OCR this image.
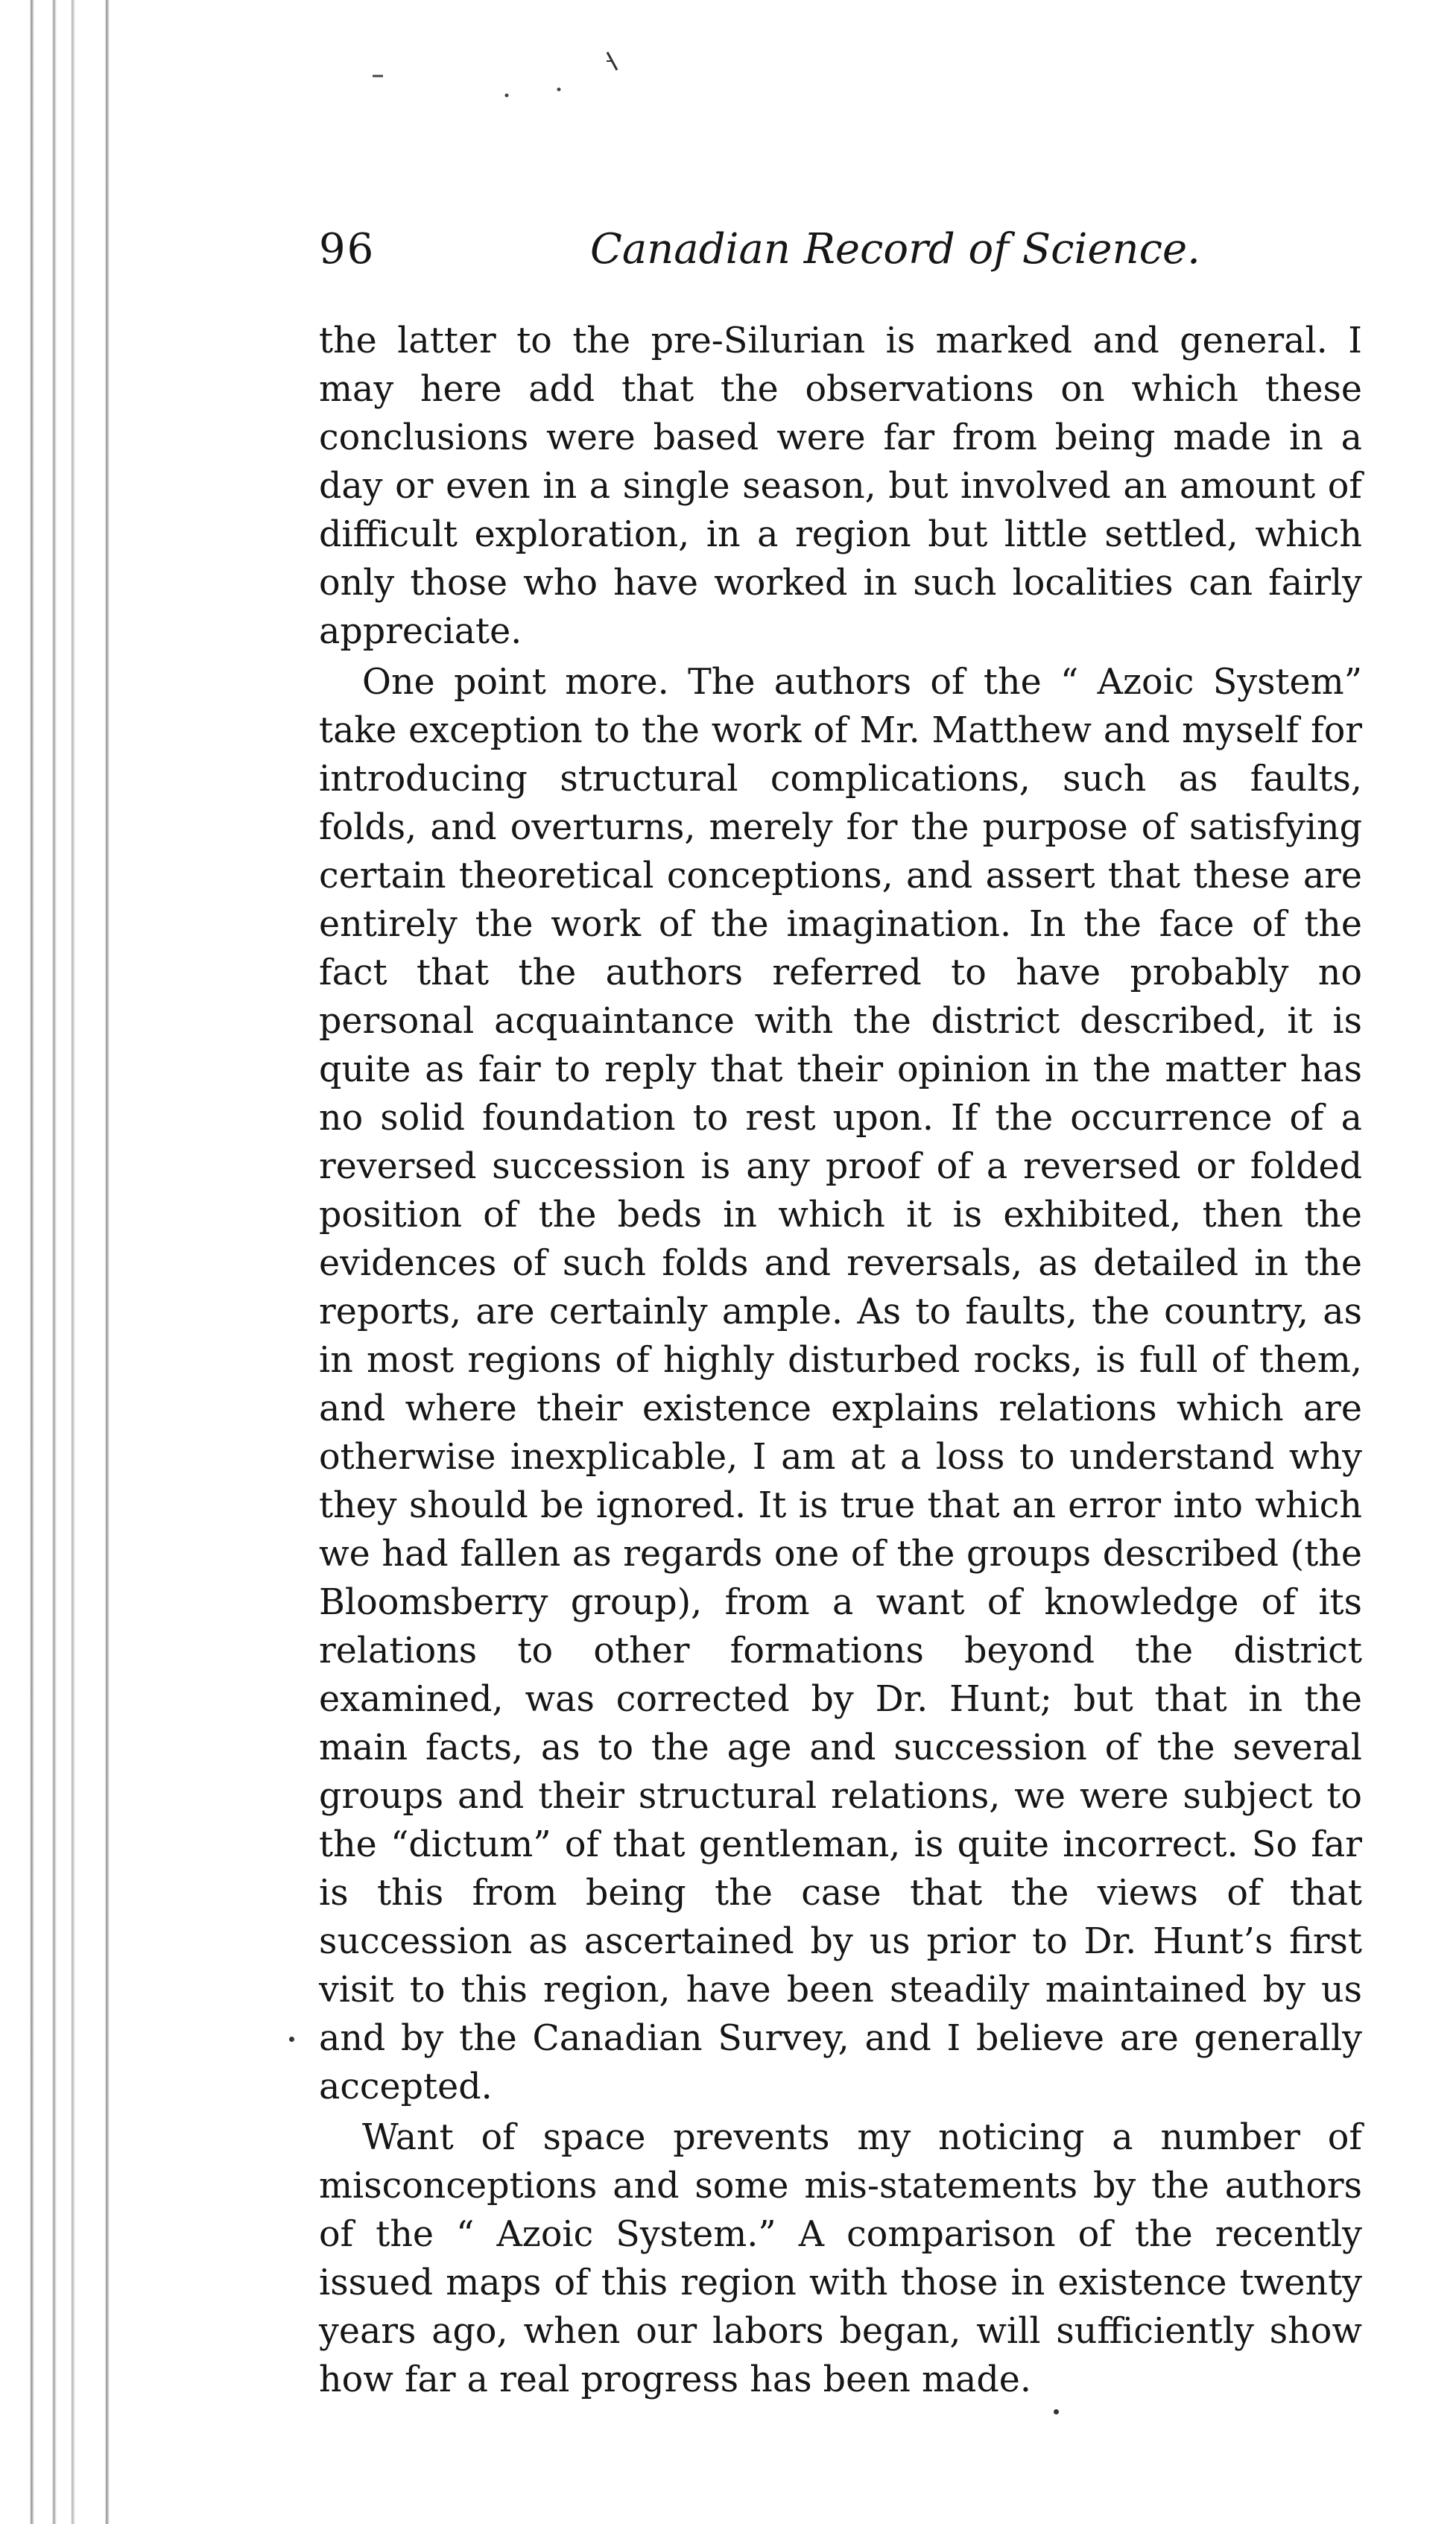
96	Canadian Record of Science.

the latter to the pre-Silurian is marked and general. I may here add that the observations on which these conclusions were based were far from being made in a day or even in a single season, but involved an amount of difficult exploration, in a region but little settled, which only those who have worked in such localities can fairly appreciate.

One point more. The authors of the “ Azoic System” take exception to the work of Mr. Matthew and myself for introducing structural complications, such as faults, folds, and overturns, merely for the purpose of satisfying certain theoretical conceptions, and assert that these are entirely the work of the imagination. In the face of the fact that the authors referred to have probably no personal acquaintance with the district described, it is quite as fair to reply that their opinion in the matter has no solid foundation to rest upon. If the occurrence of a reversed succession is any proof of a reversed or folded position of the beds in which it is exhibited, then the evidences of such folds and reversals, as detailed in the reports, are certainly ample. As to faults, the country, as in most regions of highly disturbed rocks, is full of them, and where their existence explains relations which are otherwise inexplicable, I am at a loss to understand why they should be ignored. It is true that an error into which we had fallen as regards one of the groups described (the Bloomsberry group), from a want of knowledge of its relations to other formations beyond the district examined, was corrected by Dr. Hunt; but that in the main facts, as to the age and succession of the several groups and their structural relations, we were subject to the “dictum” of that gentleman, is quite incorrect. So far is this from being the case that the views of that succession as ascertained by us prior to Dr. Hunt’s first visit to this region, have been steadily maintained by us and by the Canadian Survey, and I believe are generally accepted.

Want of space prevents my noticing a number of misconceptions and some mis-statements by the authors of the “ Azoic System.” A comparison of the recently issued maps of this region with those in existence twenty years ago, when our labors began, will sufficiently show how far a real progress has been made.
